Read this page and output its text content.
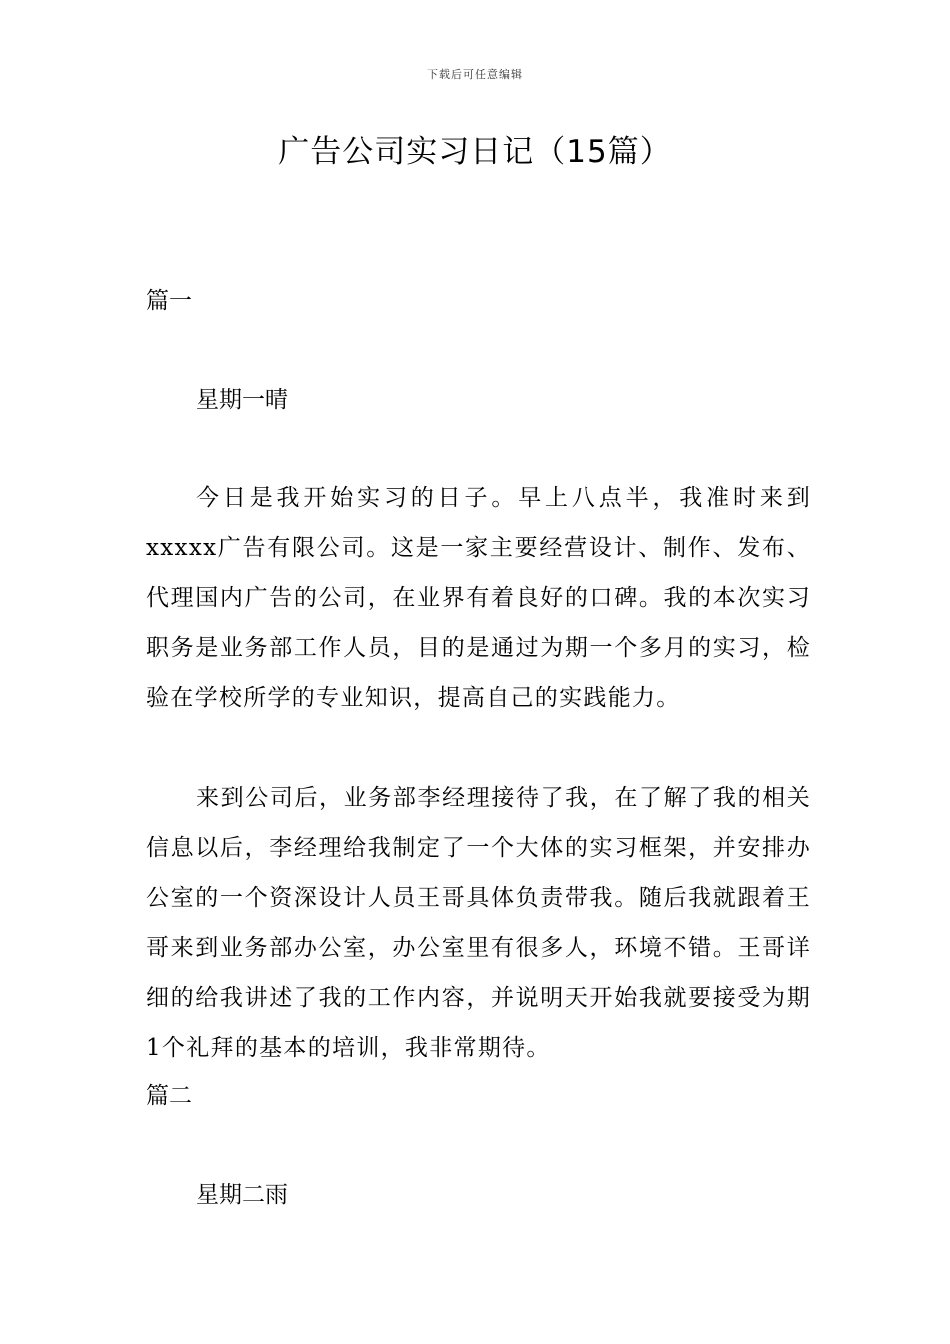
下载后可任意编辑
广告公司实习日记（15篇）
篇一
星期一晴

今日是我开始实习的日子。早上八点半，我准时来到xxxxx广告有限公司。这是一家主要经营设计、制作、发布、代理国内广告的公司，在业界有着良好的口碑。我的本次实习职务是业务部工作人员，目的是通过为期一个多月的实习，检验在学校所学的专业知识，提高自己的实践能力。

来到公司后，业务部李经理接待了我，在了解了我的相关信息以后，李经理给我制定了一个大体的实习框架，并安排办公室的一个资深设计人员王哥具体负责带我。随后我就跟着王哥来到业务部办公室，办公室里有很多人，环境不错。王哥详细的给我讲述了我的工作内容，并说明天开始我就要接受为期1个礼拜的基本的培训，我非常期待。

篇二
星期二雨
